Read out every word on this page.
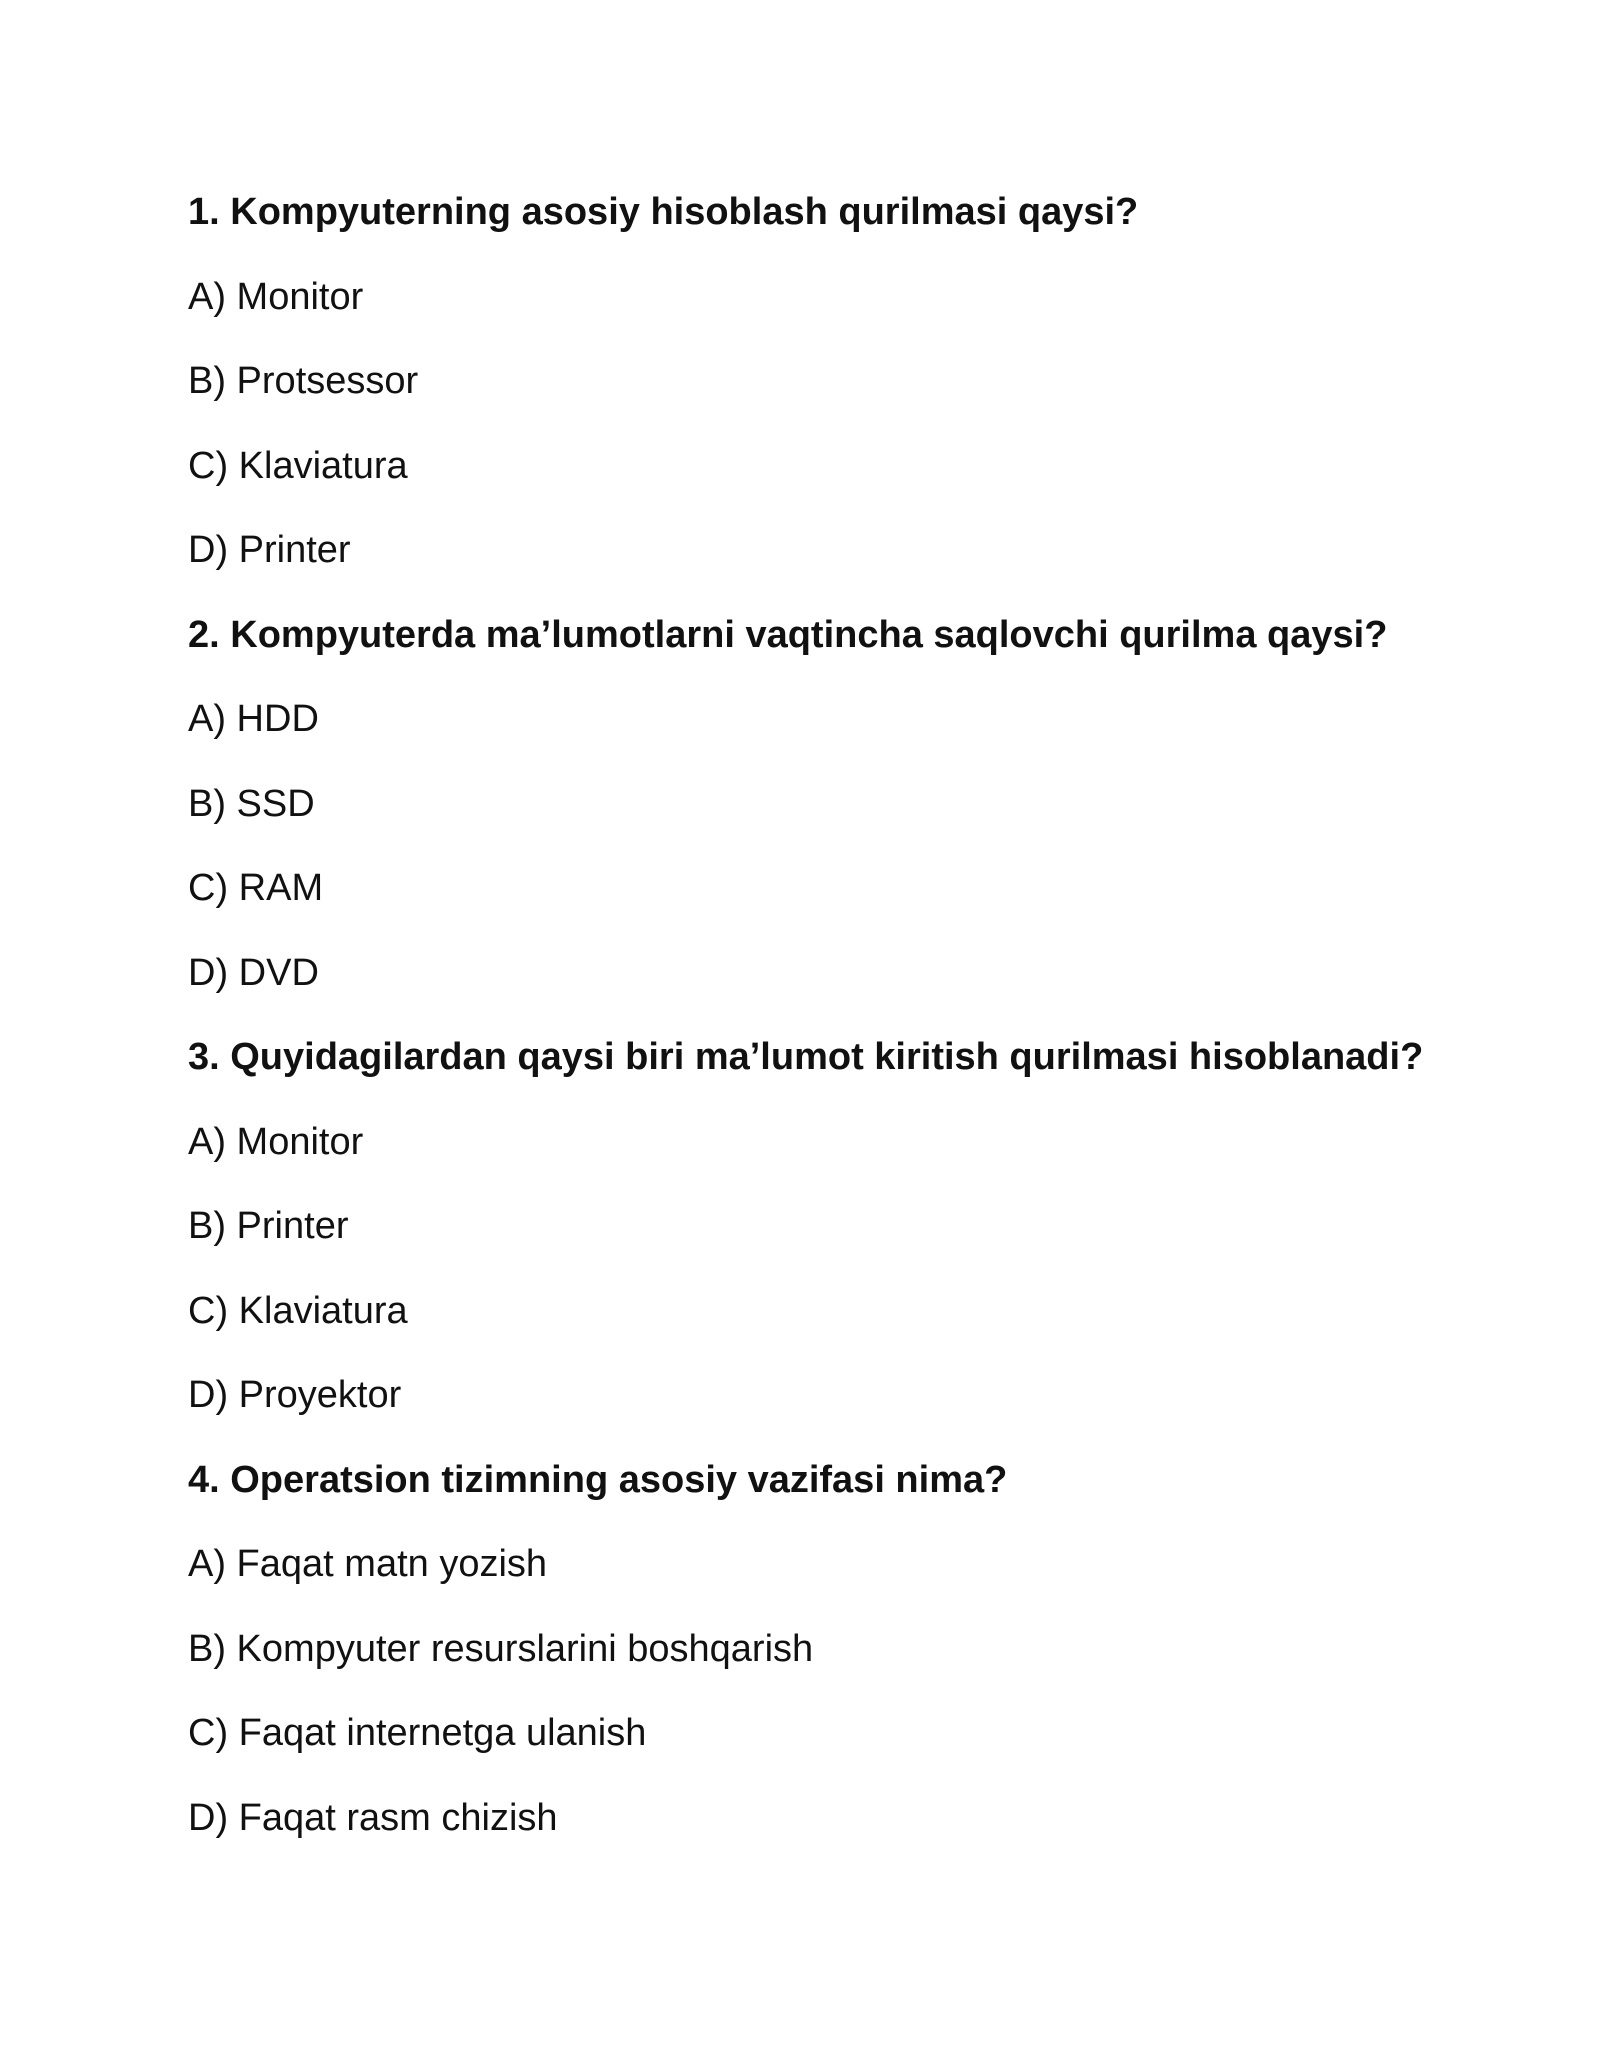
1. Kompyuterning asosiy hisoblash qurilmasi qaysi?
A) Monitor
B) Protsessor
C) Klaviatura
D) Printer
2. Kompyuterda ma’lumotlarni vaqtincha saqlovchi qurilma qaysi?
A) HDD
B) SSD
C) RAM
D) DVD
3. Quyidagilardan qaysi biri ma’lumot kiritish qurilmasi hisoblanadi?
A) Monitor
B) Printer
C) Klaviatura
D) Proyektor
4. Operatsion tizimning asosiy vazifasi nima?
A) Faqat matn yozish
B) Kompyuter resurslarini boshqarish
C) Faqat internetga ulanish
D) Faqat rasm chizish
